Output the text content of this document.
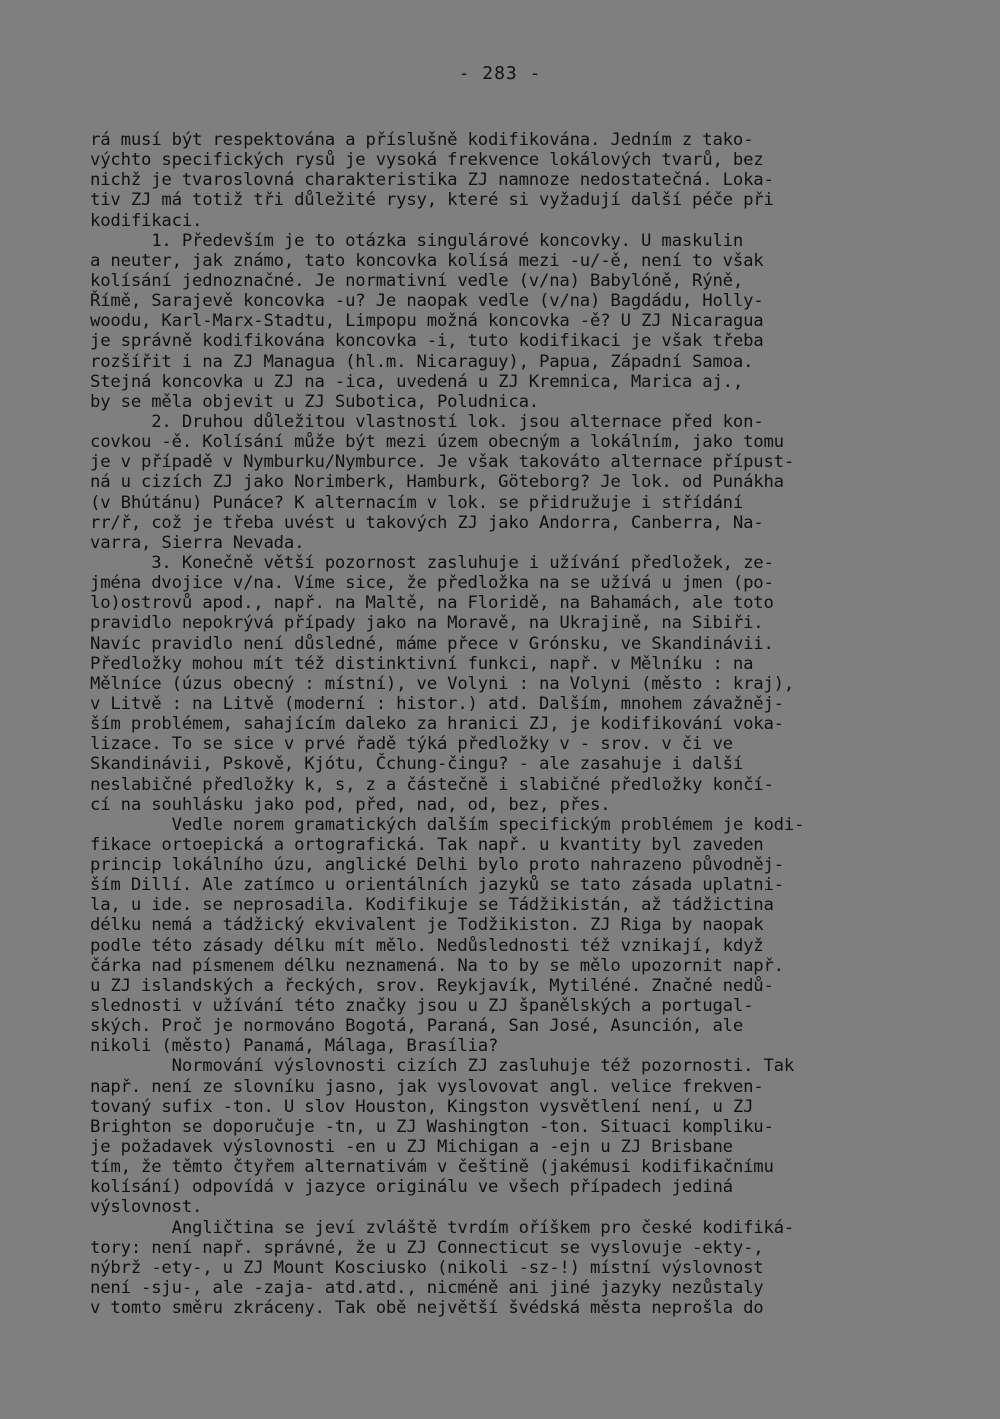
- 283 -
rá musí být respektována a příslušně kodifikována. Jedním z tako-
výchto specifických rysů je vysoká frekvence lokálových tvarů, bez
nichž je tvaroslovná charakteristika ZJ namnoze nedostatečná. Loka-
tiv ZJ má totiž tři důležité rysy, které si vyžadují další péče při
kodifikaci.
1. Především je to otázka singulárové koncovky. U maskulin
a neuter, jak známo, tato koncovka kolísá mezi -u/-ě, není to však
kolísání jednoznačné. Je normativní vedle (v/na) Babylóně, Rýně,
Římě, Sarajevě koncovka -u? Je naopak vedle (v/na) Bagdádu, Holly-
woodu, Karl-Marx-Stadtu, Limpopu možná koncovka -ě? U ZJ Nicaragua
je správně kodifikována koncovka -i, tuto kodifikaci je však třeba
rozšířit i na ZJ Managua (hl.m. Nicaraguy), Papua, Západní Samoa.
Stejná koncovka u ZJ na -ica, uvedená u ZJ Kremnica, Marica aj.,
by se měla objevit u ZJ Subotica, Poludnica.
2. Druhou důležitou vlastností lok. jsou alternace před kon-
covkou -ě. Kolísání může být mezi územ obecným a lokálním, jako tomu
je v případě v Nymburku/Nymburce. Je však takováto alternace přípust-
ná u cizích ZJ jako Norimberk, Hamburk, Göteborg? Je lok. od Punákha
(v Bhútánu) Punáce? K alternacím v lok. se přidružuje i střídání
rr/ř, což je třeba uvést u takových ZJ jako Andorra, Canberra, Na-
varra, Sierra Nevada.
3. Konečně větší pozornost zasluhuje i užívání předložek, ze-
jména dvojice v/na. Víme sice, že předložka na se užívá u jmen (po-
lo)ostrovů apod., např. na Maltě, na Floridě, na Bahamách, ale toto
pravidlo nepokrývá případy jako na Moravě, na Ukrajině, na Sibiři.
Navíc pravidlo není důsledné, máme přece v Grónsku, ve Skandinávii.
Předložky mohou mít též distinktivní funkci, např. v Mělníku : na
Mělníce (úzus obecný : místní), ve Volyni : na Volyni (město : kraj),
v Litvě : na Litvě (moderní : histor.) atd. Dalším, mnohem závažněj-
ším problémem, sahajícím daleko za hranici ZJ, je kodifikování voka-
lizace. To se sice v prvé řadě týká předložky v - srov. v či ve
Skandinávii, Pskově, Kjótu, Čchung-čingu? - ale zasahuje i další
neslabičné předložky k, s, z a částečně i slabičné předložky končí-
cí na souhlásku jako pod, před, nad, od, bez, přes.
Vedle norem gramatických dalším specifickým problémem je kodi-
fikace ortoepická a ortografická. Tak např. u kvantity byl zaveden
princip lokálního úzu, anglické Delhi bylo proto nahrazeno původněj-
ším Dillí. Ale zatímco u orientálních jazyků se tato zásada uplatni-
la, u ide. se neprosadila. Kodifikuje se Tádžikistán, až tádžictina
délku nemá a tádžický ekvivalent je Todžikiston. ZJ Riga by naopak
podle této zásady délku mít mělo. Nedůslednosti též vznikají, když
čárka nad písmenem délku neznamená. Na to by se mělo upozornit např.
u ZJ islandských a řeckých, srov. Reykjavík, Mytiléné. Značné nedů-
slednosti v užívání této značky jsou u ZJ španělských a portugal-
ských. Proč je normováno Bogotá, Paraná, San José, Asunción, ale
nikoli (město) Panamá, Málaga, Brasília?
Normování výslovnosti cizích ZJ zasluhuje též pozornosti. Tak
např. není ze slovníku jasno, jak vyslovovat angl. velice frekven-
tovaný sufix -ton. U slov Houston, Kingston vysvětlení není, u ZJ
Brighton se doporučuje -tn, u ZJ Washington -ton. Situaci kompliku-
je požadavek výslovnosti -en u ZJ Michigan a -ejn u ZJ Brisbane
tím, že těmto čtyřem alternativám v češtině (jakémusi kodifikačnímu
kolísání) odpovídá v jazyce originálu ve všech případech jediná
výslovnost.
Angličtina se jeví zvláště tvrdím oříškem pro české kodifiká-
tory: není např. správné, že u ZJ Connecticut se vyslovuje -ekty-,
nýbrž -ety-, u ZJ Mount Kosciusko (nikoli -sz-!) místní výslovnost
není -sju-, ale -zaja- atd.atd., nicméně ani jiné jazyky nezůstaly
v tomto směru zkráceny. Tak obě největší švédská města neprošla do
